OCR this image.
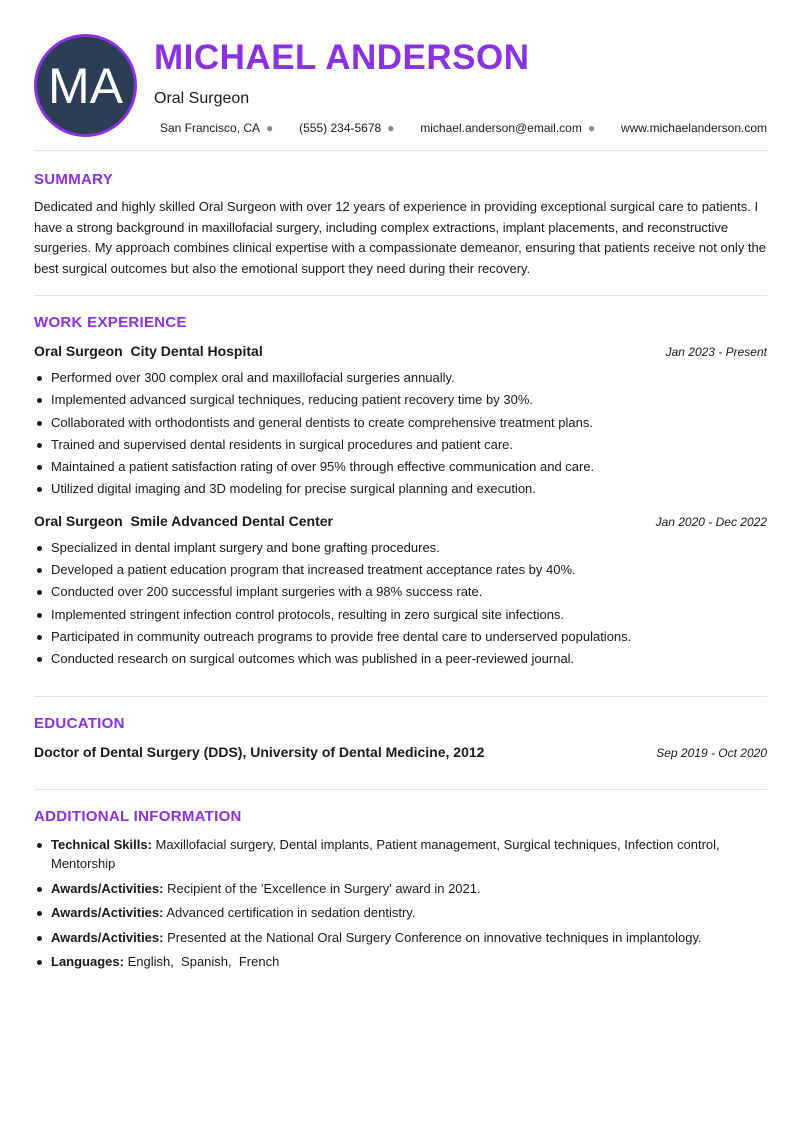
MA MICHAEL ANDERSON
Oral Surgeon
San Francisco, CA ● (555) 234-5678 ● michael.anderson@email.com ● www.michaelanderson.com
SUMMARY

Dedicated and highly skilled Oral Surgeon with over 12 years of experience in providing exceptional surgical care to patients. I have a strong background in maxillofacial surgery, including complex extractions, implant placements, and reconstructive surgeries. My approach combines clinical expertise with a compassionate demeanor, ensuring that patients receive not only the best surgical outcomes but also the emotional support they need during their recovery.

WORK EXPERIENCE
Oral Surgeon  City Dental Hospital	Jan 2023 - Present
Performed over 300 complex oral and maxillofacial surgeries annually.
Implemented advanced surgical techniques, reducing patient recovery time by 30%.
Collaborated with orthodontists and general dentists to create comprehensive treatment plans.
Trained and supervised dental residents in surgical procedures and patient care.
Maintained a patient satisfaction rating of over 95% through effective communication and care.
Utilized digital imaging and 3D modeling for precise surgical planning and execution.
Oral Surgeon  Smile Advanced Dental Center	Jan 2020 - Dec 2022
Specialized in dental implant surgery and bone grafting procedures.
Developed a patient education program that increased treatment acceptance rates by 40%.
Conducted over 200 successful implant surgeries with a 98% success rate.
Implemented stringent infection control protocols, resulting in zero surgical site infections.
Participated in community outreach programs to provide free dental care to underserved populations.
Conducted research on surgical outcomes which was published in a peer-reviewed journal.
EDUCATION
Doctor of Dental Surgery (DDS), University of Dental Medicine, 2012	Sep 2019 - Oct 2020
ADDITIONAL INFORMATION
Technical Skills: Maxillofacial surgery, Dental implants, Patient management, Surgical techniques, Infection control, Mentorship
Awards/Activities: Recipient of the 'Excellence in Surgery' award in 2021.
Awards/Activities: Advanced certification in sedation dentistry.
Awards/Activities: Presented at the National Oral Surgery Conference on innovative techniques in implantology.
Languages: English,  Spanish,  French
